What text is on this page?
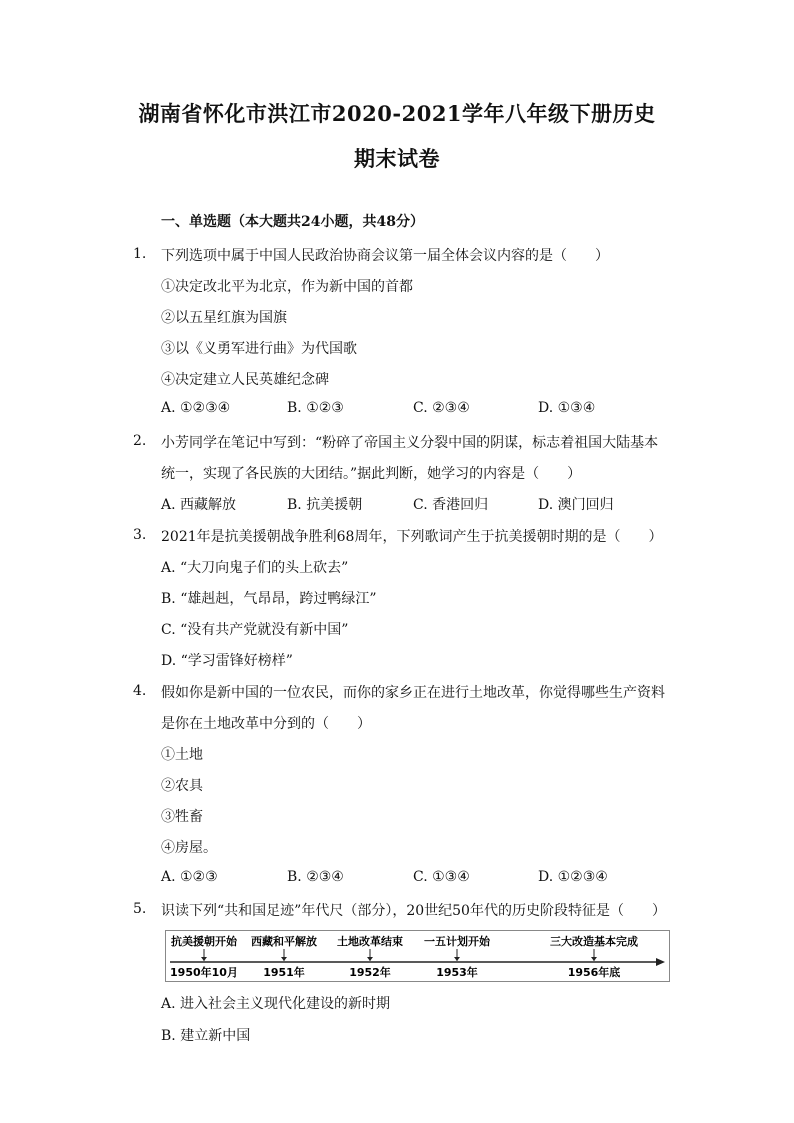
湖南省怀化市洪江市2020-2021学年八年级下册历史
期末试卷
一、单选题（本大题共24小题，共48分）
1. 下列选项中属于中国人民政治协商会议第一届全体会议内容的是（　　）
①决定改北平为北京，作为新中国的首都
②以五星红旗为国旗
③以《义勇军进行曲》为代国歌
④决定建立人民英雄纪念碑
A. ①②③④	B. ①②③	C. ②③④	D. ①③④
2. 小芳同学在笔记中写到：“粉碎了帝国主义分裂中国的阴谋，标志着祖国大陆基本
统一，实现了各民族的大团结。”据此判断，她学习的内容是（　　）
A. 西藏解放	B. 抗美援朝	C. 香港回归	D. 澳门回归
3. 2021年是抗美援朝战争胜利68周年，下列歌词产生于抗美援朝时期的是（　　）
A. “大刀向鬼子们的头上砍去”
B. “雄赳赳，气昂昂，跨过鸭绿江”
C. “没有共产党就没有新中国”
D. “学习雷锋好榜样”
4. 假如你是新中国的一位农民，而你的家乡正在进行土地改革，你觉得哪些生产资料
是你在土地改革中分到的（　　）
①土地
②农具
③牲畜
④房屋。
A. ①②③	B. ②③④	C. ①③④	D. ①②③④
5. 识读下列“共和国足迹”年代尺（部分），20世纪50年代的历史阶段特征是（　　）
抗美援朝开始 西藏和平解放 土地改革结束 一五计划开始	三大改造基本完成
1950年10月 1951年	1952年	1953年	1956年底
A. 进入社会主义现代化建设的新时期
B. 建立新中国
